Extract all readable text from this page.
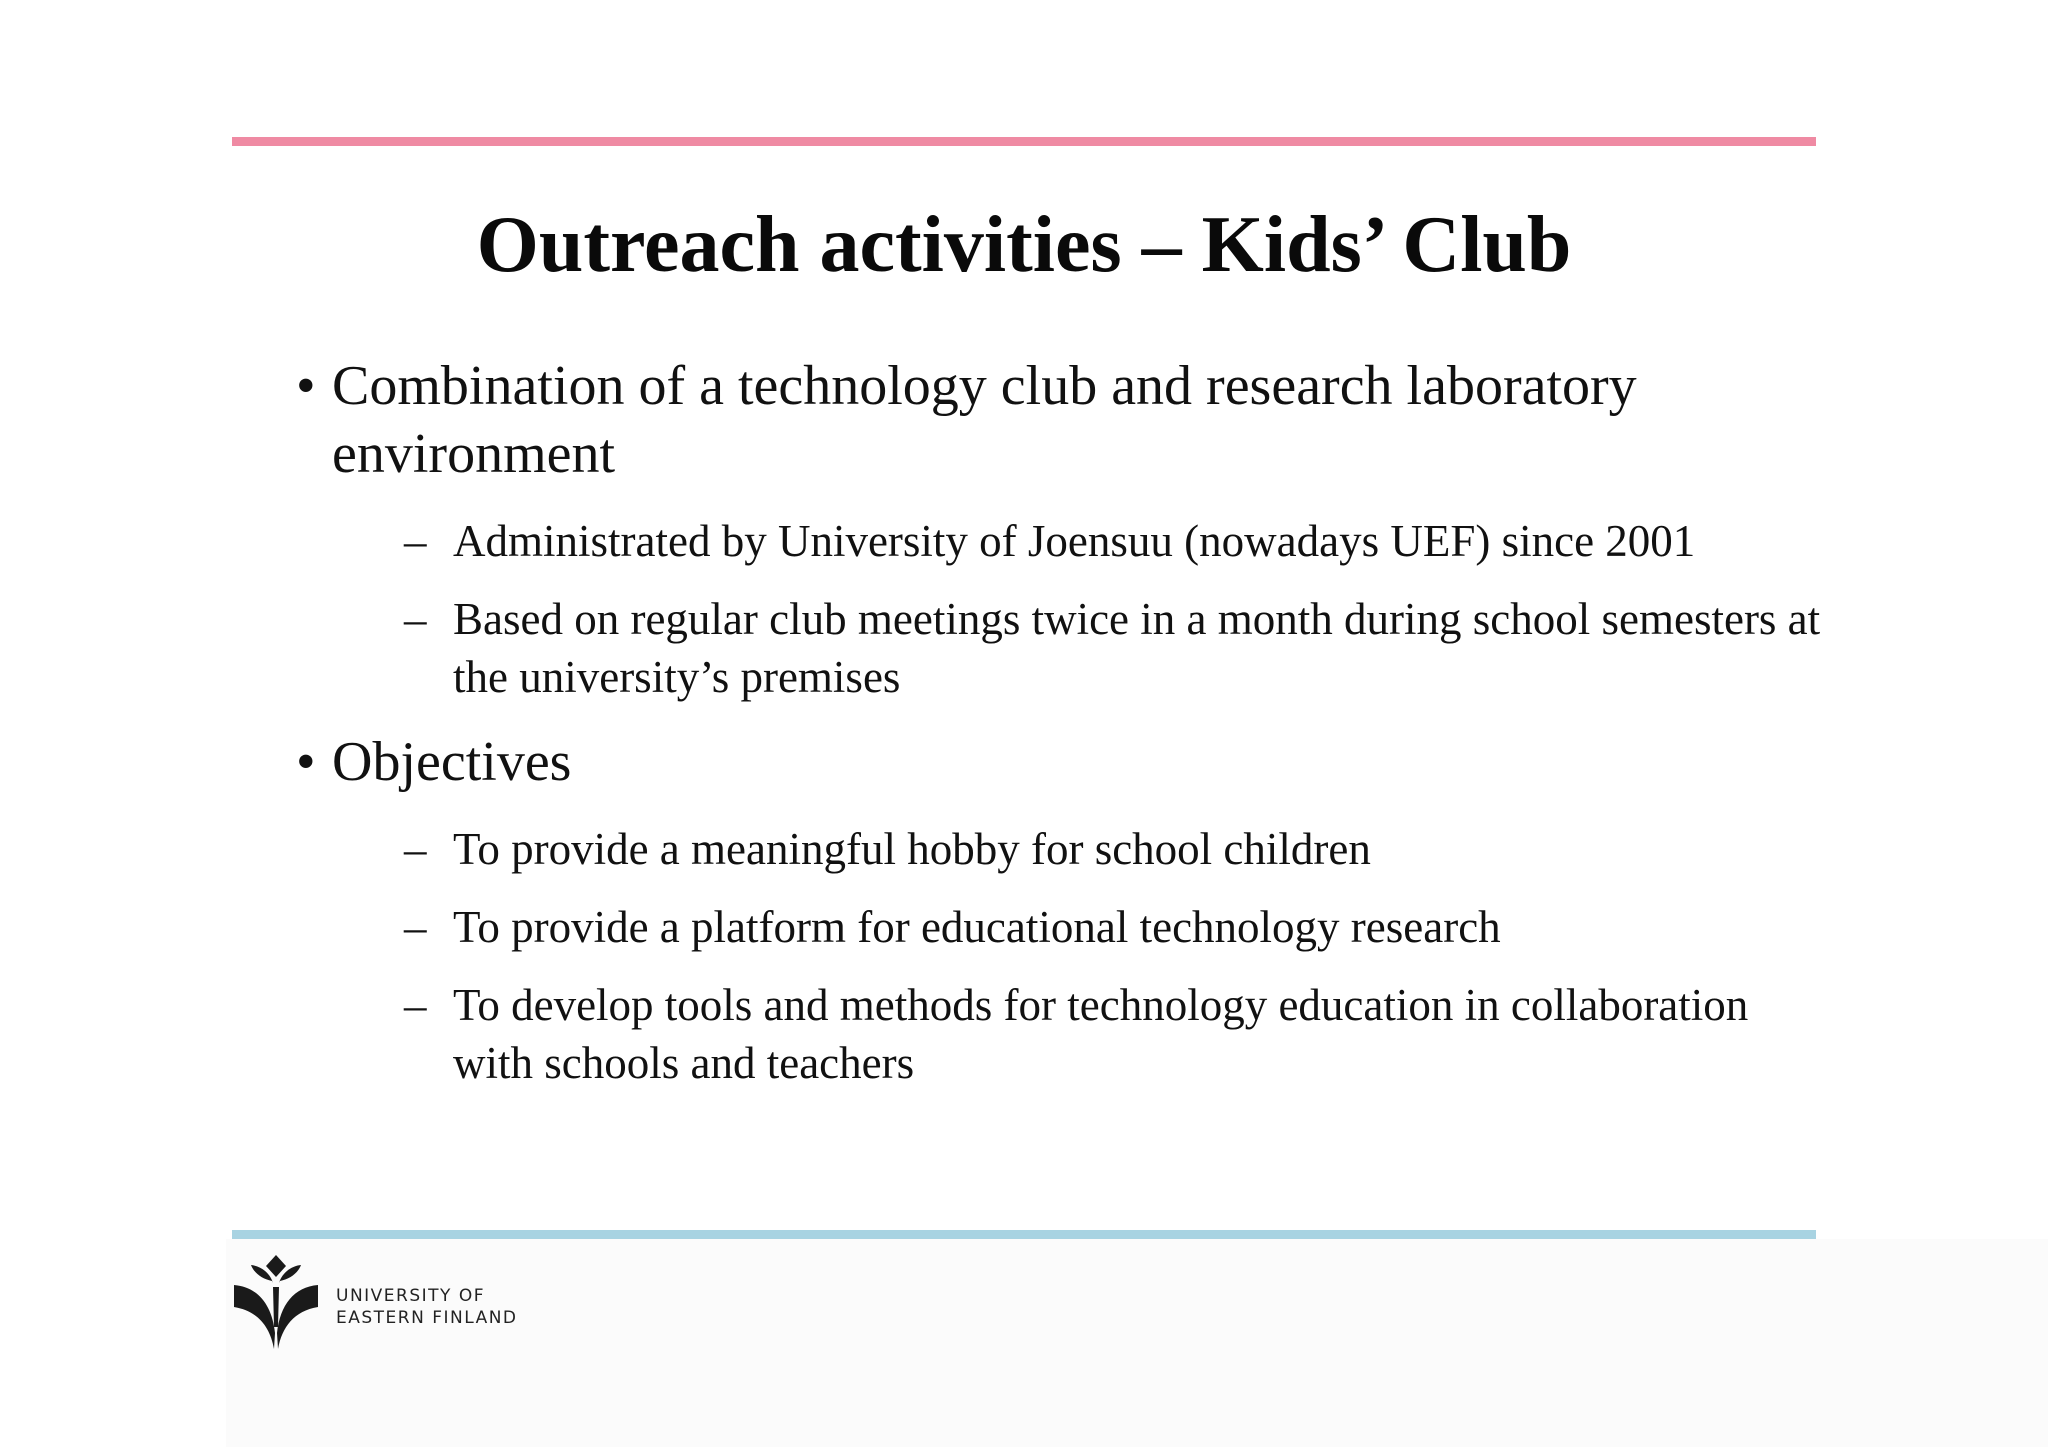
Outreach activities – Kids’ Club
• Combination of a technology club and research laboratory environment
– Administrated by University of Joensuu (nowadays UEF) since 2001
– Based on regular club meetings twice in a month during school semesters at the university’s premises
• Objectives
– To provide a meaningful hobby for school children
– To provide a platform for educational technology research
– To develop tools and methods for technology education in collaboration with schools and teachers
UNIVERSITY OF
EASTERN FINLAND
